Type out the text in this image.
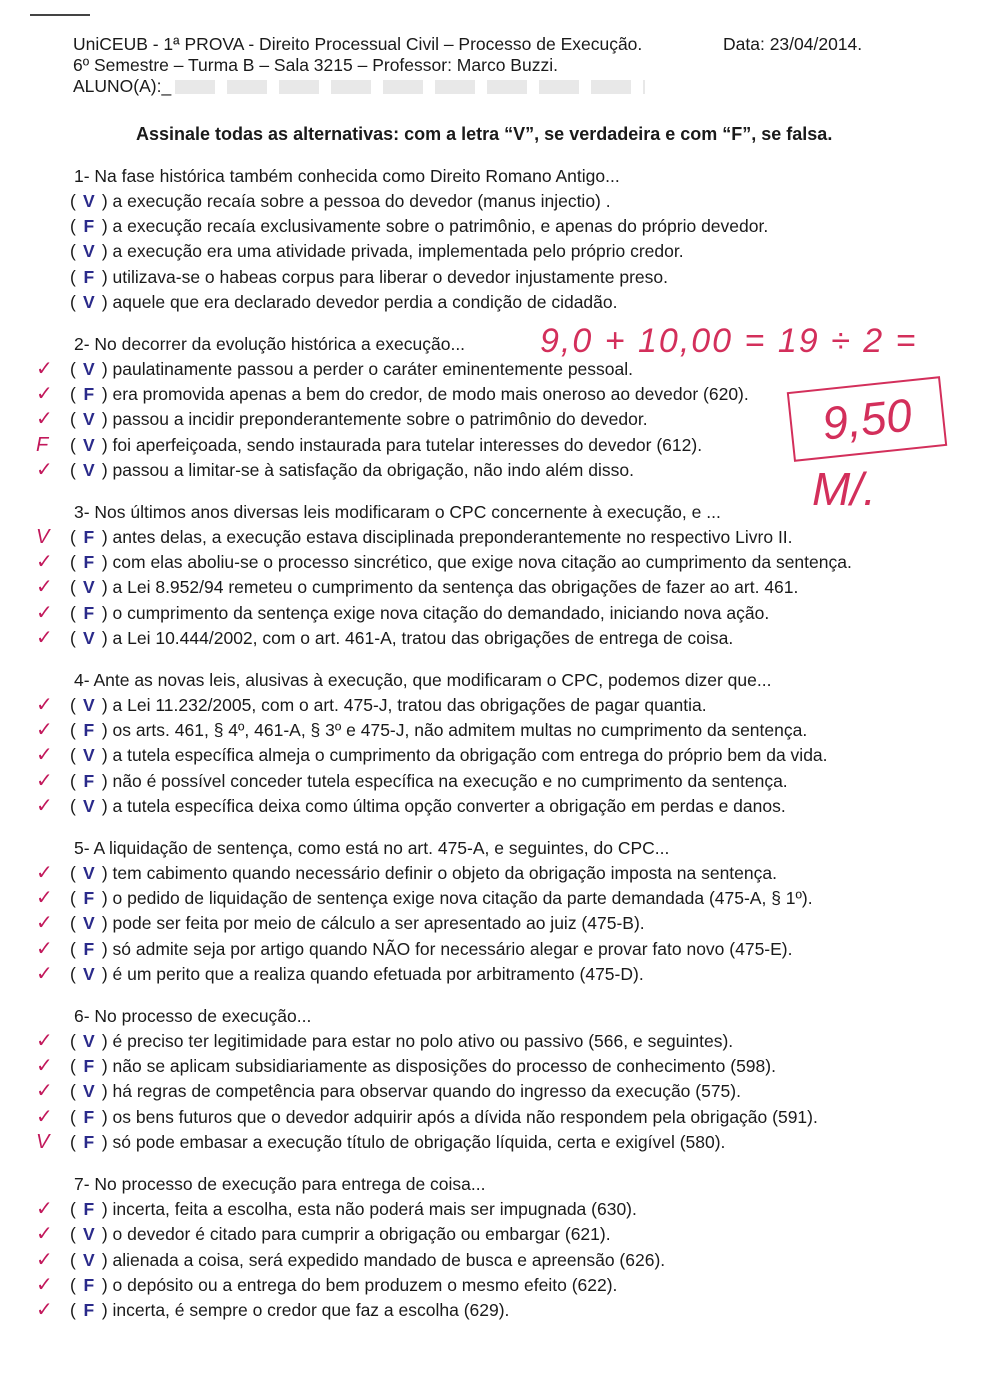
UniCEUB - 1ª PROVA - Direito Processual Civil – Processo de Execução.	Data: 23/04/2014.
6º Semestre – Turma B – Sala 3215 – Professor: Marco Buzzi.
ALUNO(A):_
Assinale todas as alternativas: com a letra “V”, se verdadeira e com “F”, se falsa.
9,0 + 10,00 = 19 ÷ 2 =
9,50
M/.
1- Na fase histórica também conhecida como Direito Romano Antigo...
( V ) a execução recaía sobre a pessoa do devedor (manus injectio) .
( F ) a execução recaía exclusivamente sobre o patrimônio, e apenas do próprio devedor.
( V ) a execução era uma atividade privada, implementada pelo próprio credor.
( F ) utilizava-se o habeas corpus para liberar o devedor injustamente preso.
( V ) aquele que era declarado devedor perdia a condição de cidadão.
2- No decorrer da evolução histórica a execução...
✓ ( V ) paulatinamente passou a perder o caráter eminentemente pessoal.
✓ ( F ) era promovida apenas a bem do credor, de modo mais oneroso ao devedor (620).
✓ ( V ) passou a incidir preponderantemente sobre o patrimônio do devedor.
F ( V ) foi aperfeiçoada, sendo instaurada para tutelar interesses do devedor (612).
✓ ( V ) passou a limitar-se à satisfação da obrigação, não indo além disso.
3- Nos últimos anos diversas leis modificaram o CPC concernente à execução, e ...
V ( F ) antes delas, a execução estava disciplinada preponderantemente no respectivo Livro II.
✓ ( F ) com elas aboliu-se o processo sincrético, que exige nova citação ao cumprimento da sentença.
✓ ( V ) a Lei 8.952/94 remeteu o cumprimento da sentença das obrigações de fazer ao art. 461.
✓ ( F ) o cumprimento da sentença exige nova citação do demandado, iniciando nova ação.
✓ ( V ) a Lei 10.444/2002, com o art. 461-A, tratou das obrigações de entrega de coisa.
4- Ante as novas leis, alusivas à execução, que modificaram o CPC, podemos dizer que...
✓ ( V ) a Lei 11.232/2005, com o art. 475-J, tratou das obrigações de pagar quantia.
✓ ( F ) os arts. 461, § 4º, 461-A, § 3º e 475-J, não admitem multas no cumprimento da sentença.
✓ ( V ) a tutela específica almeja o cumprimento da obrigação com entrega do próprio bem da vida.
✓ ( F ) não é possível conceder tutela específica na execução e no cumprimento da sentença.
✓ ( V ) a tutela específica deixa como última opção converter a obrigação em perdas e danos.
5- A liquidação de sentença, como está no art. 475-A, e seguintes, do CPC...
✓ ( V ) tem cabimento quando necessário definir o objeto da obrigação imposta na sentença.
✓ ( F ) o pedido de liquidação de sentença exige nova citação da parte demandada (475-A, § 1º).
✓ ( V ) pode ser feita por meio de cálculo a ser apresentado ao juiz (475-B).
✓ ( F ) só admite seja por artigo quando NÃO for necessário alegar e provar fato novo (475-E).
✓ ( V ) é um perito que a realiza quando efetuada por arbitramento (475-D).
6- No processo de execução...
✓ ( V ) é preciso ter legitimidade para estar no polo ativo ou passivo (566, e seguintes).
✓ ( F ) não se aplicam subsidiariamente as disposições do processo de conhecimento (598).
✓ ( V ) há regras de competência para observar quando do ingresso da execução (575).
✓ ( F ) os bens futuros que o devedor adquirir após a dívida não respondem pela obrigação (591).
V ( F ) só pode embasar a execução título de obrigação líquida, certa e exigível (580).
7- No processo de execução para entrega de coisa...
✓ ( F ) incerta, feita a escolha, esta não poderá mais ser impugnada (630).
✓ ( V ) o devedor é citado para cumprir a obrigação ou embargar (621).
✓ ( V ) alienada a coisa, será expedido mandado de busca e apreensão (626).
✓ ( F ) o depósito ou a entrega do bem produzem o mesmo efeito (622).
✓ ( F ) incerta, é sempre o credor que faz a escolha (629).
